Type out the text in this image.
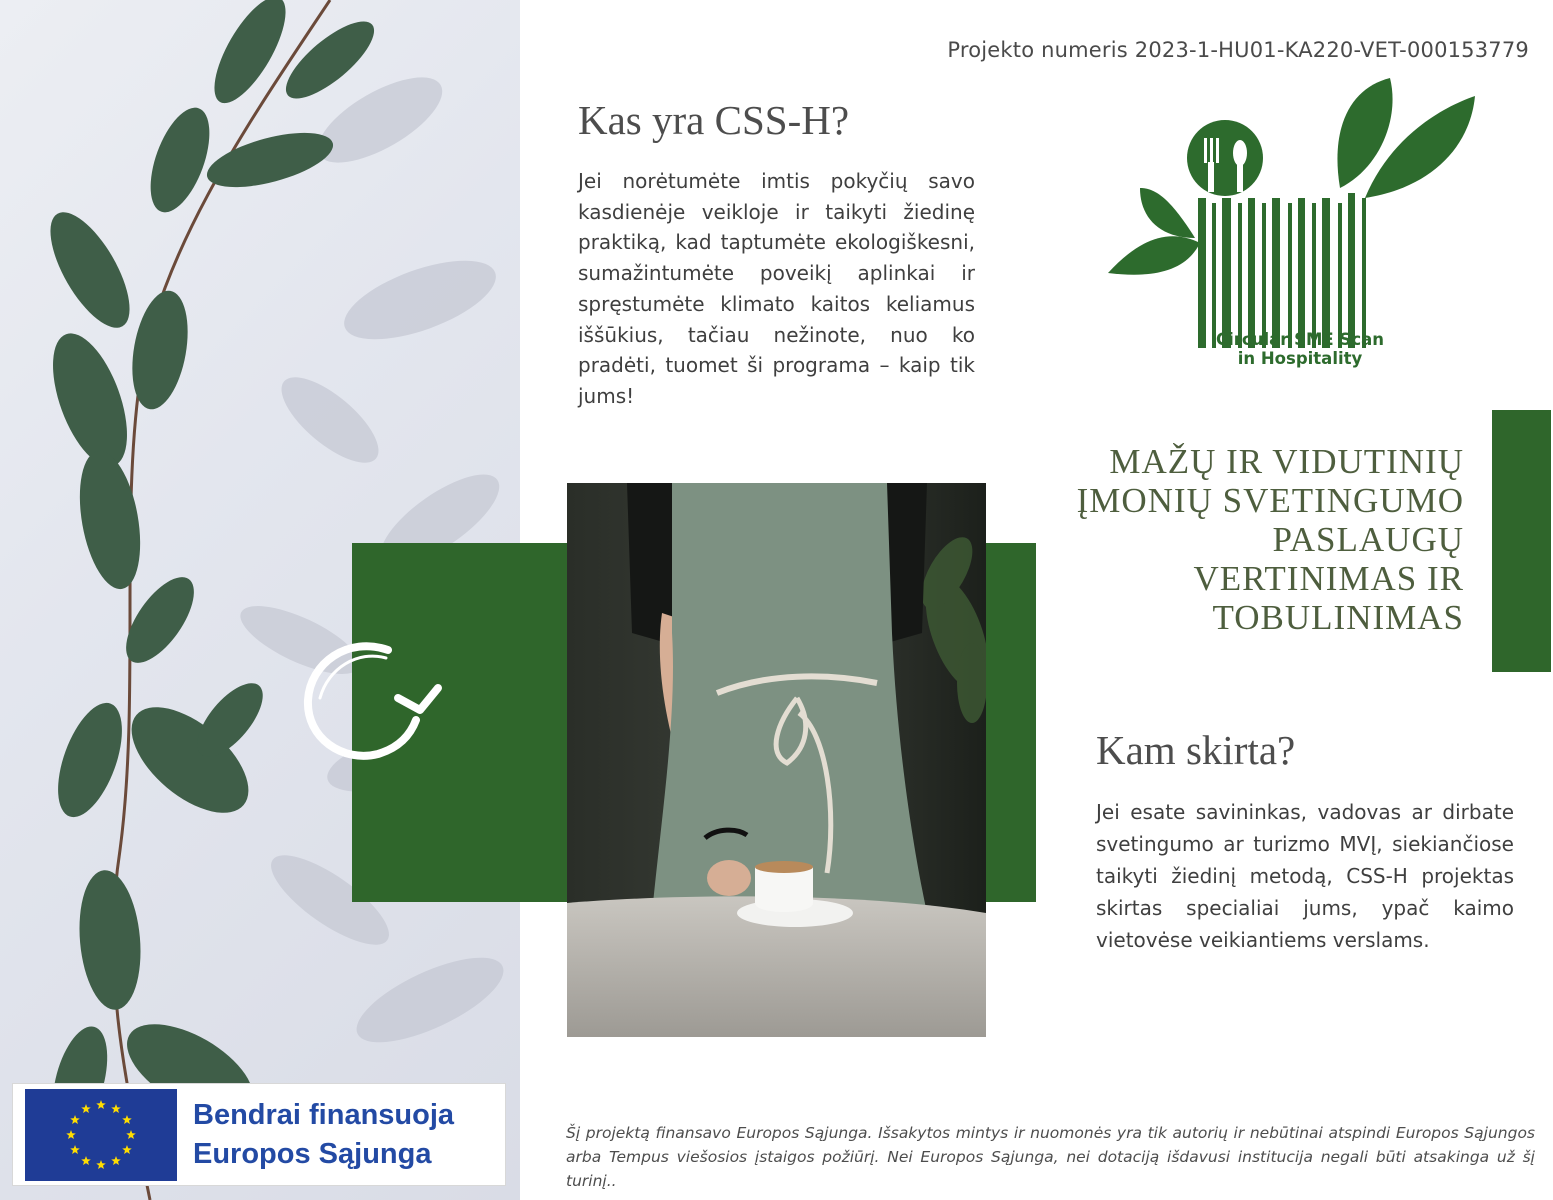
Projekto numeris 2023-1-HU01-KA220-VET-000153779
Kas yra CSS-H?

Jei norėtumėte imtis pokyčių savo kasdienėje veikloje ir taikyti žiedinę praktiką, kad taptumėte ekologiškesni, sumažintumėte poveikį aplinkai ir spręstumėte klimato kaitos keliamus iššūkius, tačiau nežinote, nuo ko pradėti, tuomet ši programa – kaip tik jums!

Circular SME Scan
in Hospitality
MAŽŲ IR VIDUTINIŲ
ĮMONIŲ SVETINGUMO
PASLAUGŲ
VERTINIMAS IR
TOBULINIMAS
Kam skirta?

Jei esate savininkas, vadovas ar dirbate svetingumo ar turizmo MVĮ, siekiančiose taikyti žiedinį metodą, CSS-H projektas skirtas specialiai jums, ypač kaimo vietovėse veikiantiems verslams.

Bendrai finansuoja
Europos Sąjunga

Šį projektą finansavo Europos Sąjunga. Išsakytos mintys ir nuomonės yra tik autorių ir nebūtinai atspindi Europos Sąjungos arba Tempus viešosios įstaigos požiūrį. Nei Europos Sąjunga, nei dotaciją išdavusi institucija negali būti atsakinga už šį turinį..
